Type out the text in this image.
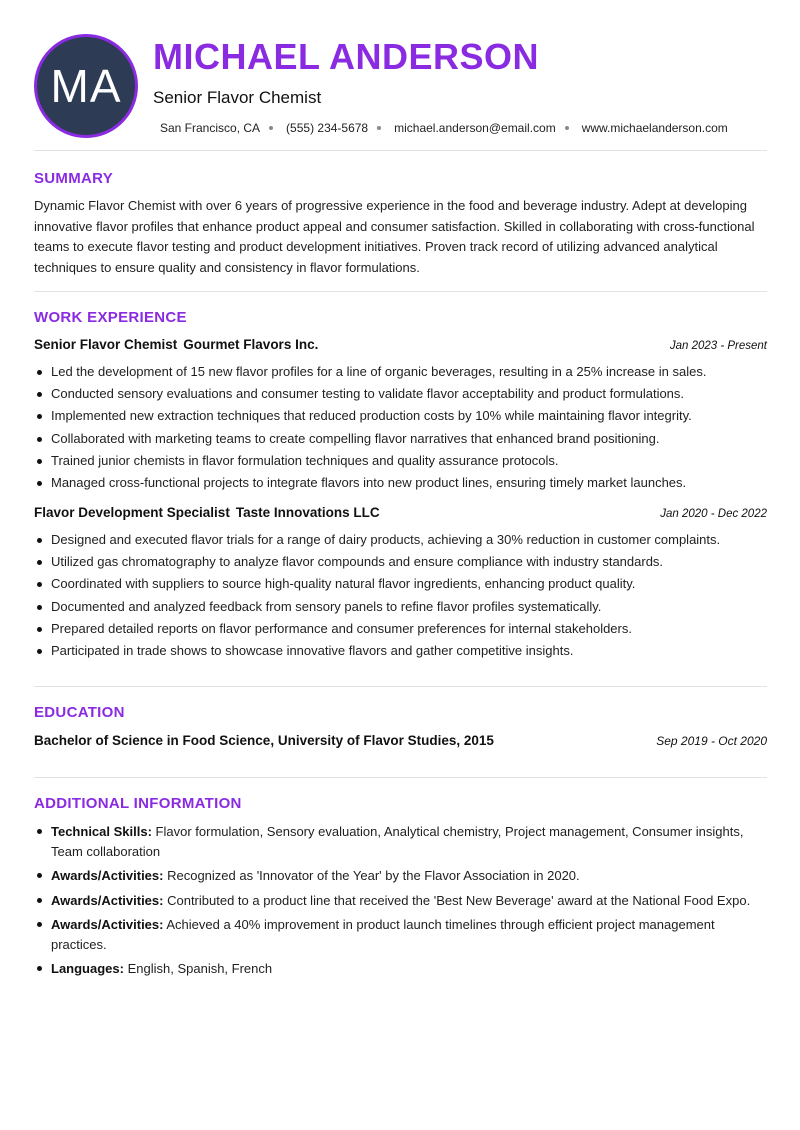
MA
MICHAEL ANDERSON
Senior Flavor Chemist
San Francisco, CA (555) 234-5678 michael.anderson@email.com www.michaelanderson.com
SUMMARY

Dynamic Flavor Chemist with over 6 years of progressive experience in the food and beverage industry. Adept at developing innovative flavor profiles that enhance product appeal and consumer satisfaction. Skilled in collaborating with cross-functional teams to execute flavor testing and product development initiatives. Proven track record of utilizing advanced analytical techniques to ensure quality and consistency in flavor formulations.

WORK EXPERIENCE
Senior Flavor Chemist Gourmet Flavors Inc.	Jan 2023 - Present
Led the development of 15 new flavor profiles for a line of organic beverages, resulting in a 25% increase in sales.
Conducted sensory evaluations and consumer testing to validate flavor acceptability and product formulations.
Implemented new extraction techniques that reduced production costs by 10% while maintaining flavor integrity.
Collaborated with marketing teams to create compelling flavor narratives that enhanced brand positioning.
Trained junior chemists in flavor formulation techniques and quality assurance protocols.
Managed cross-functional projects to integrate flavors into new product lines, ensuring timely market launches.
Flavor Development Specialist Taste Innovations LLC	Jan 2020 - Dec 2022
Designed and executed flavor trials for a range of dairy products, achieving a 30% reduction in customer complaints.
Utilized gas chromatography to analyze flavor compounds and ensure compliance with industry standards.
Coordinated with suppliers to source high-quality natural flavor ingredients, enhancing product quality.
Documented and analyzed feedback from sensory panels to refine flavor profiles systematically.
Prepared detailed reports on flavor performance and consumer preferences for internal stakeholders.
Participated in trade shows to showcase innovative flavors and gather competitive insights.
EDUCATION
Bachelor of Science in Food Science, University of Flavor Studies, 2015	Sep 2019 - Oct 2020
ADDITIONAL INFORMATION
Technical Skills: Flavor formulation, Sensory evaluation, Analytical chemistry, Project management, Consumer insights, Team collaboration
Awards/Activities: Recognized as 'Innovator of the Year' by the Flavor Association in 2020.
Awards/Activities: Contributed to a product line that received the 'Best New Beverage' award at the National Food Expo.
Awards/Activities: Achieved a 40% improvement in product launch timelines through efficient project management practices.
Languages: English, Spanish, French
